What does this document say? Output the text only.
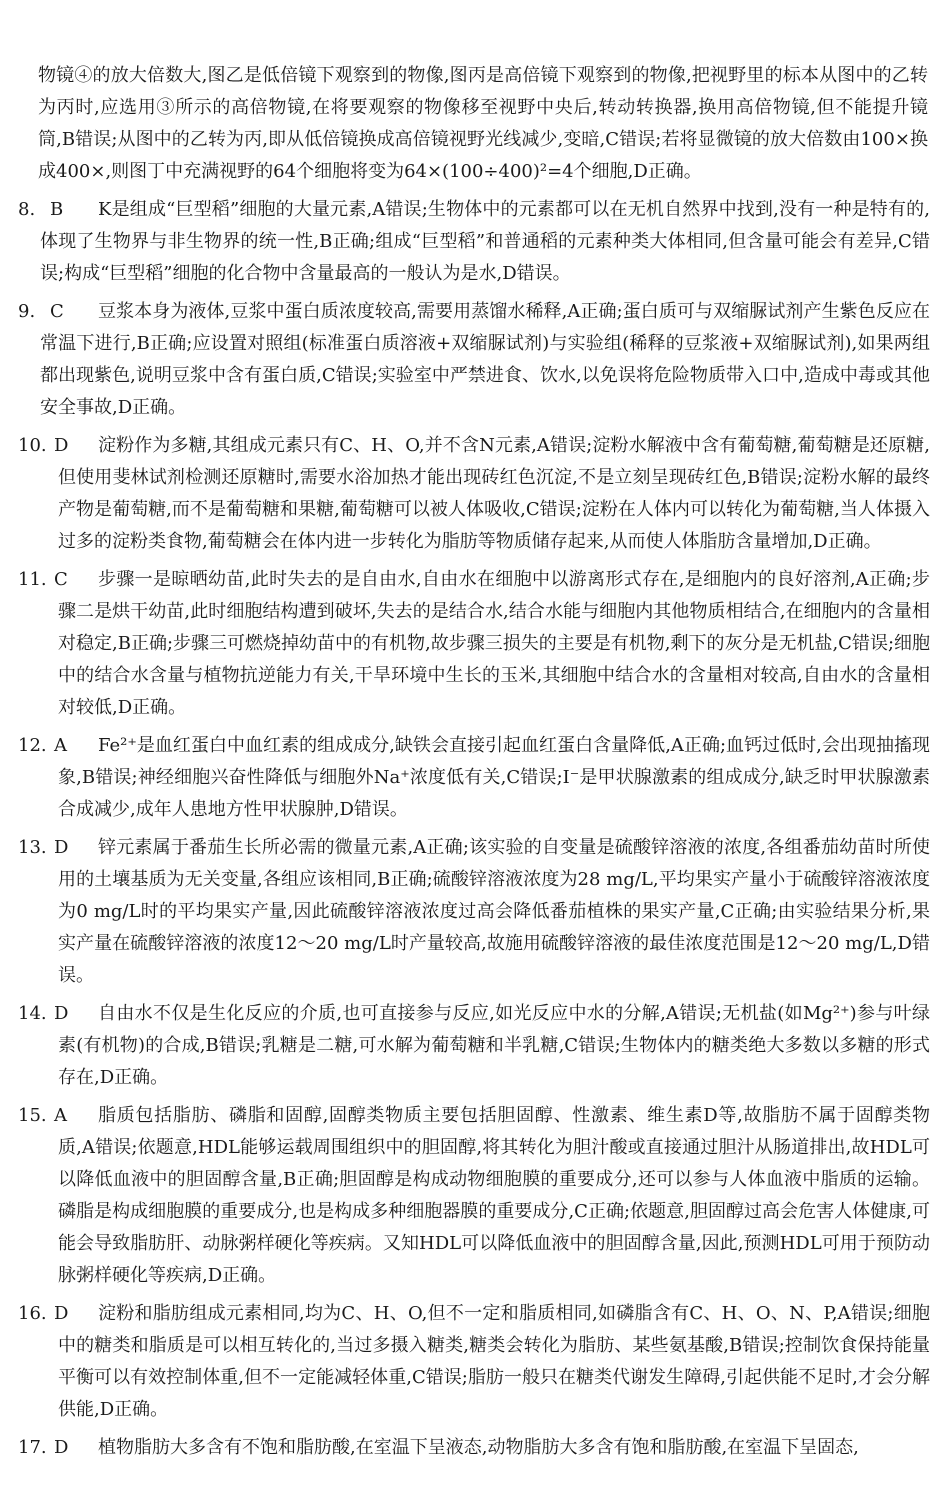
物镜④的放大倍数大,图乙是低倍镜下观察到的物像,图丙是高倍镜下观察到的物像,把视野里的标本从图中的乙转为丙时,应选用③所示的高倍物镜,在将要观察的物像移至视野中央后,转动转换器,换用高倍物镜,但不能提升镜筒,B错误;从图中的乙转为丙,即从低倍镜换成高倍镜视野光线减少,变暗,C错误;若将显微镜的放大倍数由100×换成400×,则图丁中充满视野的64个细胞将变为64×(100÷400)²=4个细胞,D正确。
8. B	K是组成“巨型稻”细胞的大量元素,A错误;生物体中的元素都可以在无机自然界中找到,没有一种是特有的,体现了生物界与非生物界的统一性,B正确;组成“巨型稻”和普通稻的元素种类大体相同,但含量可能会有差异,C错误;构成“巨型稻”细胞的化合物中含量最高的一般认为是水,D错误。
9. C	豆浆本身为液体,豆浆中蛋白质浓度较高,需要用蒸馏水稀释,A正确;蛋白质可与双缩脲试剂产生紫色反应在常温下进行,B正确;应设置对照组(标准蛋白质溶液+双缩脲试剂)与实验组(稀释的豆浆液+双缩脲试剂),如果两组都出现紫色,说明豆浆中含有蛋白质,C错误;实验室中严禁进食、饮水,以免误将危险物质带入口中,造成中毒或其他安全事故,D正确。
10. D	淀粉作为多糖,其组成元素只有C、H、O,并不含N元素,A错误;淀粉水解液中含有葡萄糖,葡萄糖是还原糖,但使用斐林试剂检测还原糖时,需要水浴加热才能出现砖红色沉淀,不是立刻呈现砖红色,B错误;淀粉水解的最终产物是葡萄糖,而不是葡萄糖和果糖,葡萄糖可以被人体吸收,C错误;淀粉在人体内可以转化为葡萄糖,当人体摄入过多的淀粉类食物,葡萄糖会在体内进一步转化为脂肪等物质储存起来,从而使人体脂肪含量增加,D正确。
11. C	步骤一是晾晒幼苗,此时失去的是自由水,自由水在细胞中以游离形式存在,是细胞内的良好溶剂,A正确;步骤二是烘干幼苗,此时细胞结构遭到破坏,失去的是结合水,结合水能与细胞内其他物质相结合,在细胞内的含量相对稳定,B正确;步骤三可燃烧掉幼苗中的有机物,故步骤三损失的主要是有机物,剩下的灰分是无机盐,C错误;细胞中的结合水含量与植物抗逆能力有关,干旱环境中生长的玉米,其细胞中结合水的含量相对较高,自由水的含量相对较低,D正确。
12. A	Fe²⁺是血红蛋白中血红素的组成成分,缺铁会直接引起血红蛋白含量降低,A正确;血钙过低时,会出现抽搐现象,B错误;神经细胞兴奋性降低与细胞外Na⁺浓度低有关,C错误;I⁻是甲状腺激素的组成成分,缺乏时甲状腺激素合成减少,成年人患地方性甲状腺肿,D错误。
13. D	锌元素属于番茄生长所必需的微量元素,A正确;该实验的自变量是硫酸锌溶液的浓度,各组番茄幼苗时所使用的土壤基质为无关变量,各组应该相同,B正确;硫酸锌溶液浓度为28 mg/L,平均果实产量小于硫酸锌溶液浓度为0 mg/L时的平均果实产量,因此硫酸锌溶液浓度过高会降低番茄植株的果实产量,C正确;由实验结果分析,果实产量在硫酸锌溶液的浓度12～20 mg/L时产量较高,故施用硫酸锌溶液的最佳浓度范围是12～20 mg/L,D错误。
14. D	自由水不仅是生化反应的介质,也可直接参与反应,如光反应中水的分解,A错误;无机盐(如Mg²⁺)参与叶绿素(有机物)的合成,B错误;乳糖是二糖,可水解为葡萄糖和半乳糖,C错误;生物体内的糖类绝大多数以多糖的形式存在,D正确。
15. A	脂质包括脂肪、磷脂和固醇,固醇类物质主要包括胆固醇、性激素、维生素D等,故脂肪不属于固醇类物质,A错误;依题意,HDL能够运载周围组织中的胆固醇,将其转化为胆汁酸或直接通过胆汁从肠道排出,故HDL可以降低血液中的胆固醇含量,B正确;胆固醇是构成动物细胞膜的重要成分,还可以参与人体血液中脂质的运输。磷脂是构成细胞膜的重要成分,也是构成多种细胞器膜的重要成分,C正确;依题意,胆固醇过高会危害人体健康,可能会导致脂肪肝、动脉粥样硬化等疾病。又知HDL可以降低血液中的胆固醇含量,因此,预测HDL可用于预防动脉粥样硬化等疾病,D正确。
16. D	淀粉和脂肪组成元素相同,均为C、H、O,但不一定和脂质相同,如磷脂含有C、H、O、N、P,A错误;细胞中的糖类和脂质是可以相互转化的,当过多摄入糖类,糖类会转化为脂肪、某些氨基酸,B错误;控制饮食保持能量平衡可以有效控制体重,但不一定能减轻体重,C错误;脂肪一般只在糖类代谢发生障碍,引起供能不足时,才会分解供能,D正确。
17. D	植物脂肪大多含有不饱和脂肪酸,在室温下呈液态,动物脂肪大多含有饱和脂肪酸,在室温下呈固态,
